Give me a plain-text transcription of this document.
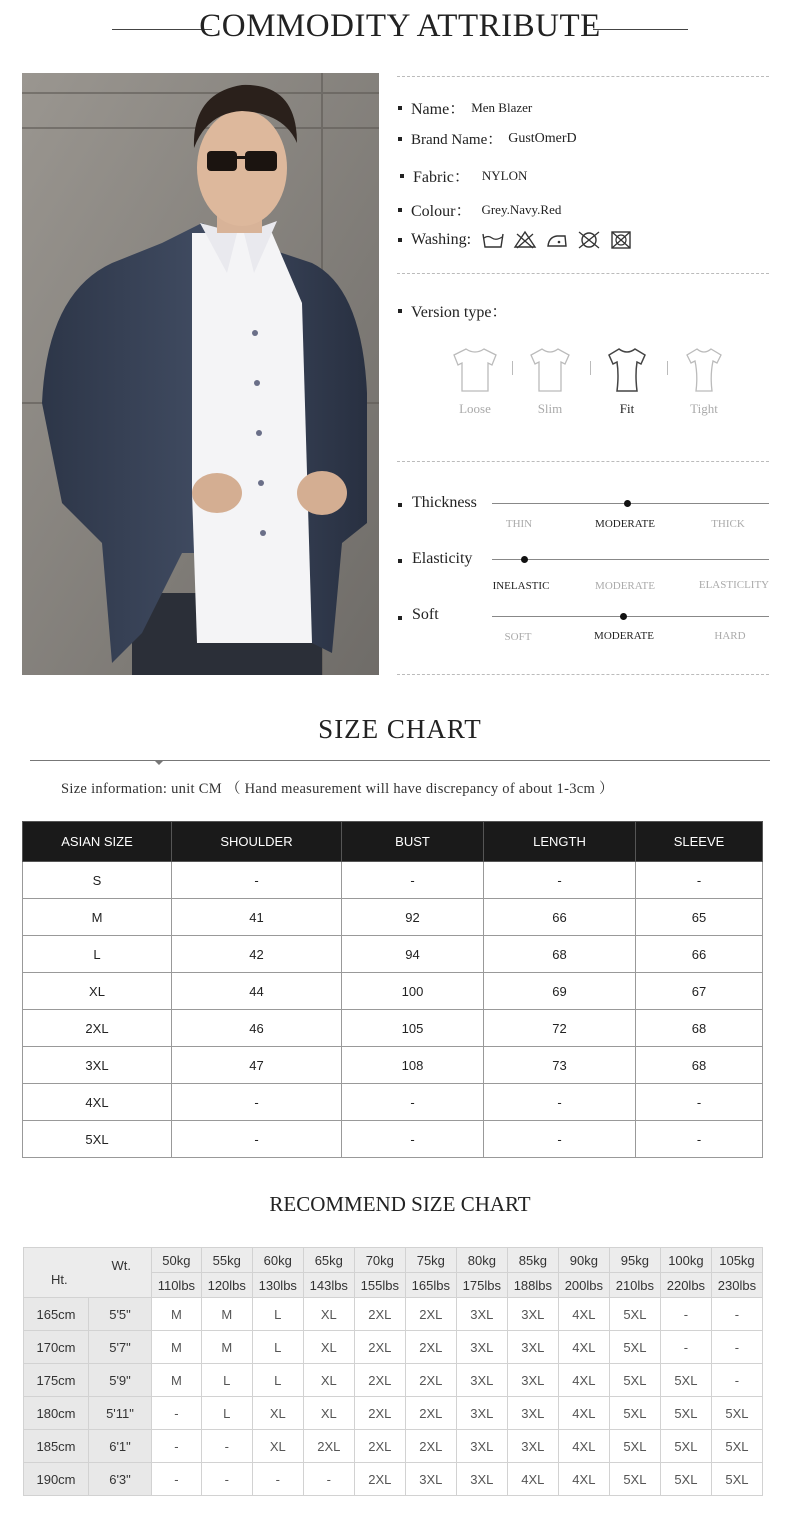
COMMODITY ATTRIBUTE
Name： Men Blazer
Brand Name： GustOmerD
Fabric： NYLON
Colour： Grey.Navy.Red
Washing:
Version type：
Loose	Slim	Fit	Tight
Thickness
THIN	MODERATE	THICK
Elasticity
INELASTIC	MODERATE	ELASTICLITY
Soft
SOFT	MODERATE	HARD
SIZE CHART
Size information: unit CM （ Hand measurement will have discrepancy of about 1-3cm ）
ASIAN SIZE	SHOULDER	BUST	LENGTH	SLEEVE
S	-	-	-	-
M	41	92	66	65
L	42	94	68	66
XL	44	100	69	67
2XL	46	105	72	68
3XL	47	108	73	68
4XL	-	-	-	-
5XL	-	-	-	-
RECOMMEND SIZE CHART
Wt.
Ht.		50kg	55kg	60kg	65kg	70kg	75kg	80kg	85kg	90kg	95kg	100kg	105kg
		110lbs	120lbs	130lbs	143lbs	155lbs	165lbs	175lbs	188lbs	200lbs	210lbs	220lbs	230lbs
165cm	5'5"	M	M	L	XL	2XL	2XL	3XL	3XL	4XL	5XL	-	-
170cm	5'7"	M	M	L	XL	2XL	2XL	3XL	3XL	4XL	5XL	-	-
175cm	5'9"	M	L	L	XL	2XL	2XL	3XL	3XL	4XL	5XL	5XL	-
180cm	5'11"	-	L	XL	XL	2XL	2XL	3XL	3XL	4XL	5XL	5XL	5XL
185cm	6'1"	-	-	XL	2XL	2XL	2XL	3XL	3XL	4XL	5XL	5XL	5XL
190cm	6'3"	-	-	-	-	2XL	3XL	3XL	4XL	4XL	5XL	5XL	5XL
